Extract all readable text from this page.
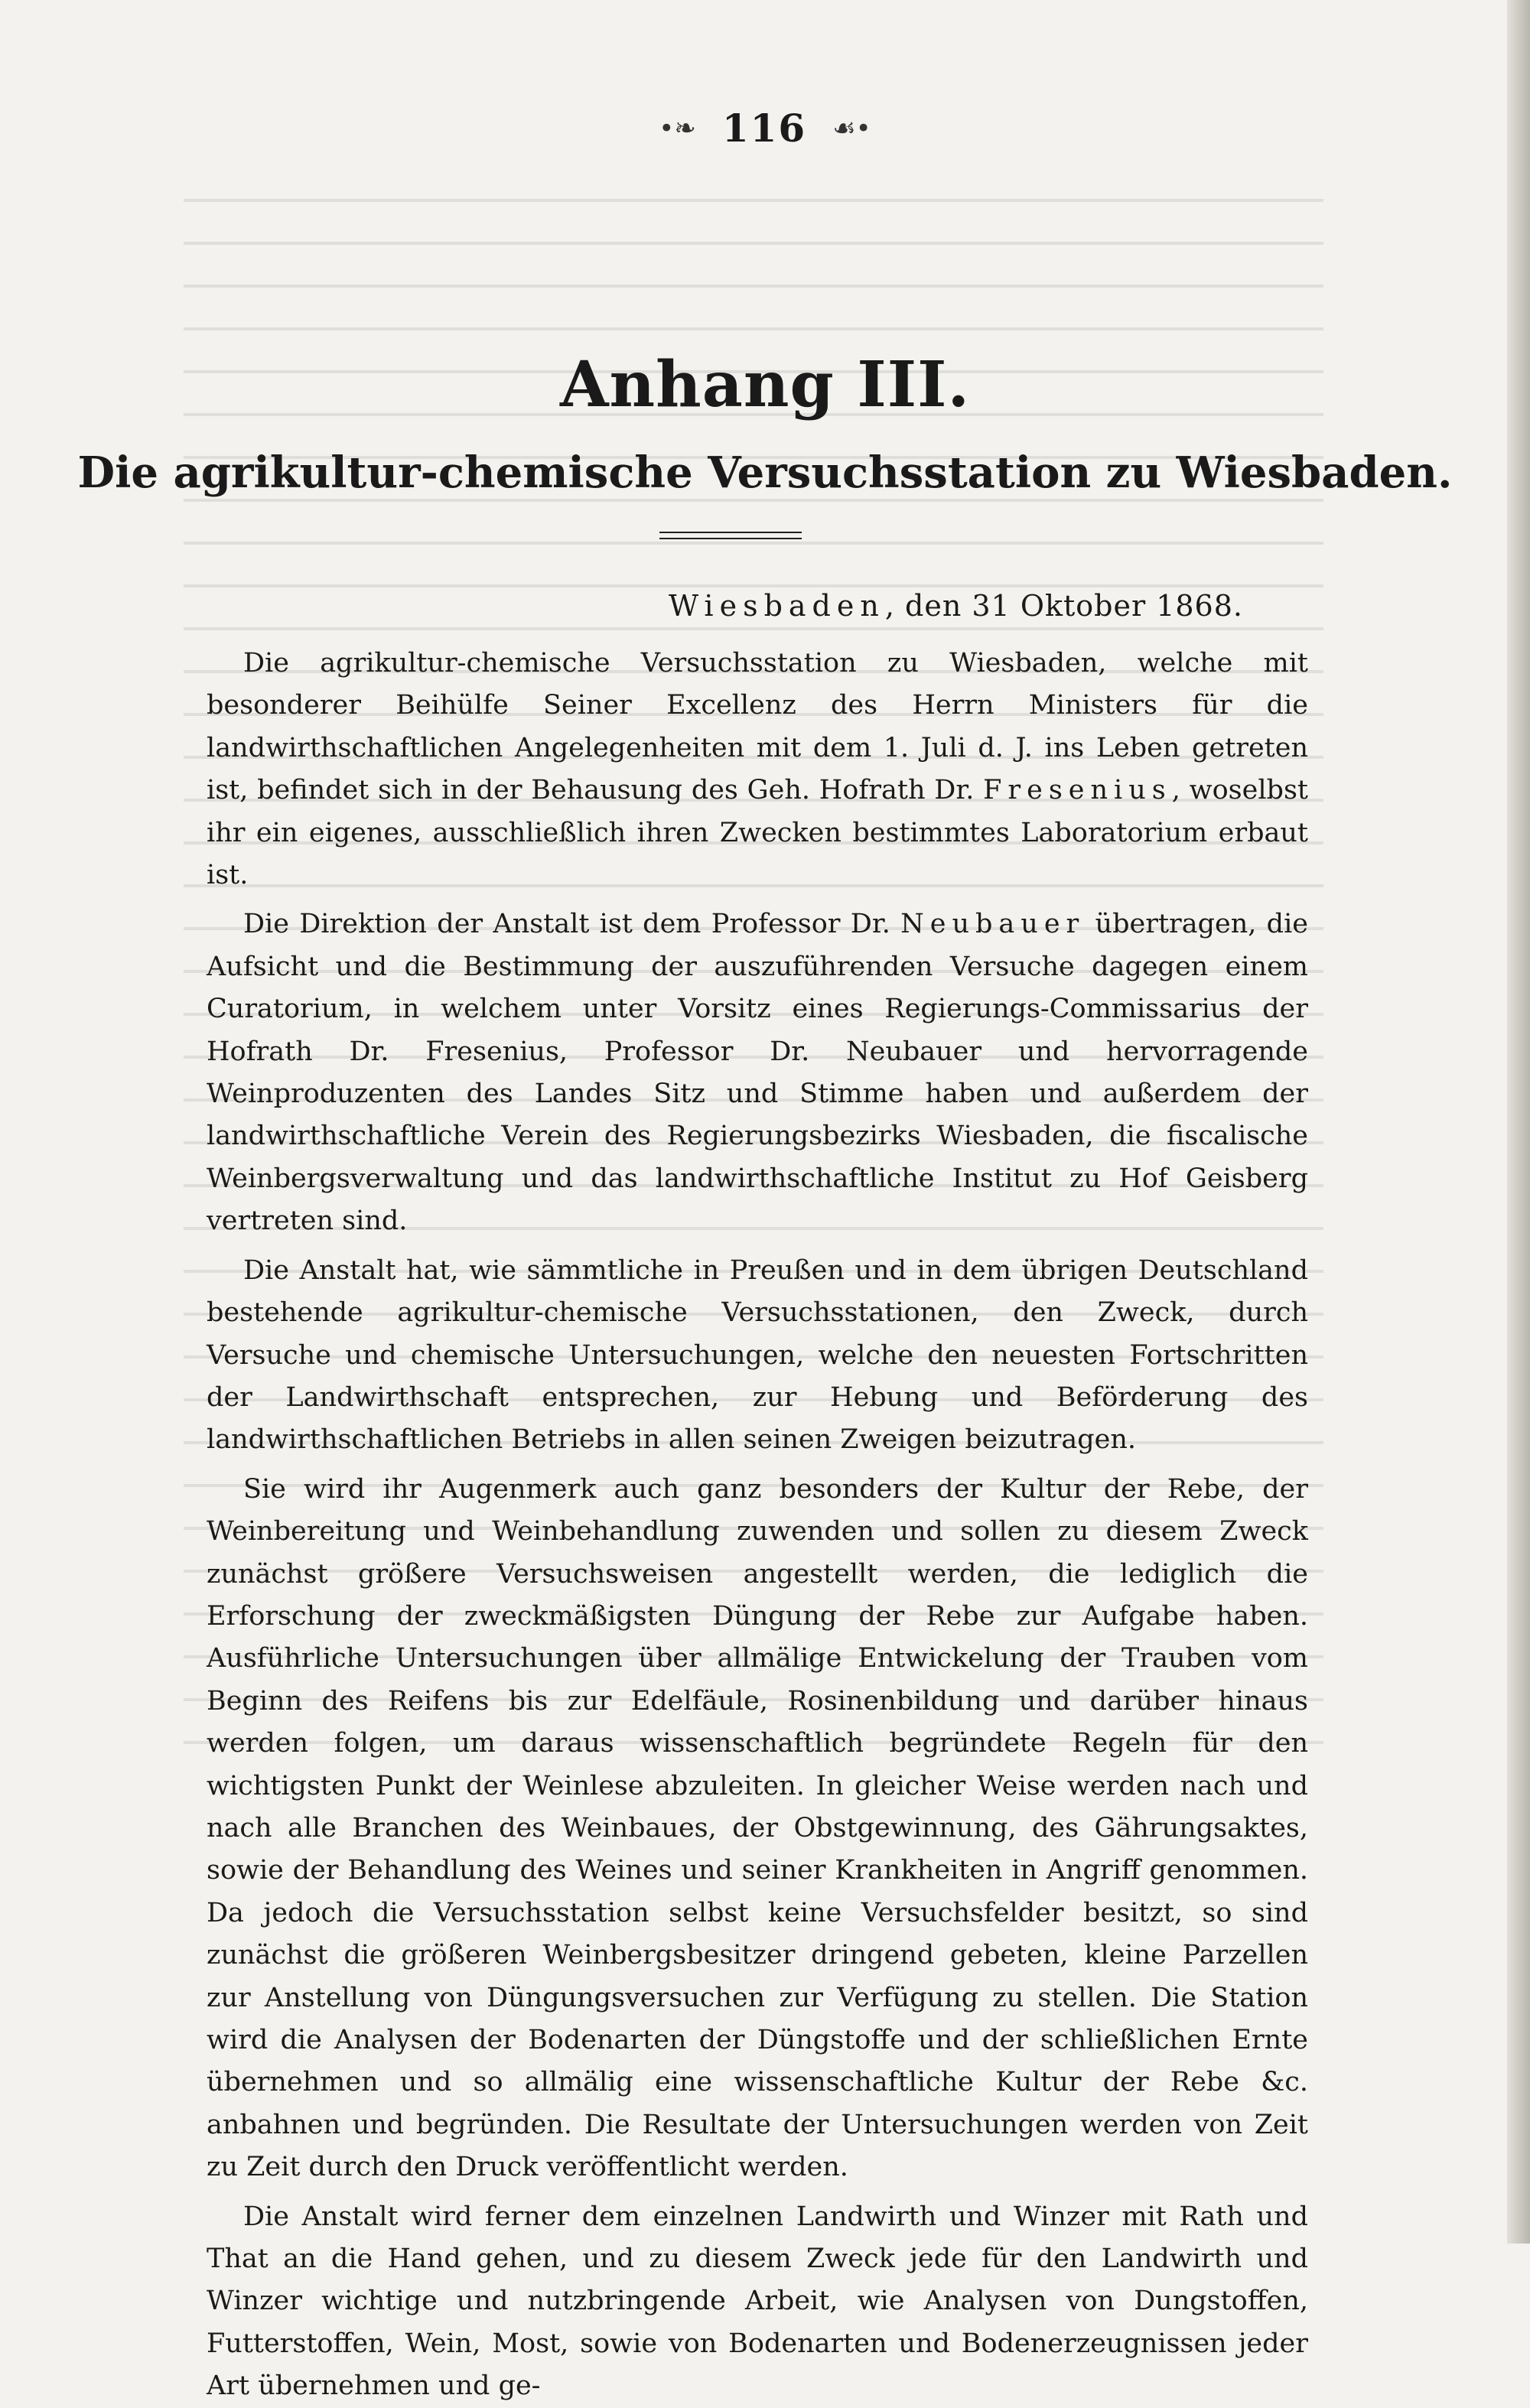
•❧ 116 ☙•
Anhang III.
Die agrikultur-chemische Versuchsstation zu Wiesbaden.
Wiesbaden, den 31 Oktober 1868.

Die agrikultur-chemische Versuchsstation zu Wiesbaden, welche mit besonderer Beihülfe Seiner Excellenz des Herrn Ministers für die landwirthschaftlichen Angelegenheiten mit dem 1. Juli d. J. ins Leben getreten ist, befindet sich in der Behausung des Geh. Hofrath Dr. Fresenius, woselbst ihr ein eigenes, ausschließlich ihren Zwecken bestimmtes Laboratorium erbaut ist.

Die Direktion der Anstalt ist dem Professor Dr. Neubauer übertragen, die Aufsicht und die Bestimmung der auszuführenden Versuche dagegen einem Curatorium, in welchem unter Vorsitz eines Regierungs-Commissarius der Hofrath Dr. Fresenius, Professor Dr. Neubauer und hervorragende Weinproduzenten des Landes Sitz und Stimme haben und außerdem der landwirthschaftliche Verein des Regierungsbezirks Wiesbaden, die fiscalische Weinbergsverwaltung und das landwirthschaftliche Institut zu Hof Geisberg vertreten sind.

Die Anstalt hat, wie sämmtliche in Preußen und in dem übrigen Deutschland bestehende agrikultur-chemische Versuchsstationen, den Zweck, durch Versuche und chemische Untersuchungen, welche den neuesten Fortschritten der Landwirthschaft entsprechen, zur Hebung und Beförderung des landwirthschaftlichen Betriebs in allen seinen Zweigen beizutragen.

Sie wird ihr Augenmerk auch ganz besonders der Kultur der Rebe, der Weinbereitung und Weinbehandlung zuwenden und sollen zu diesem Zweck zunächst größere Versuchsweisen angestellt werden, die lediglich die Erforschung der zweckmäßigsten Düngung der Rebe zur Aufgabe haben. Ausführliche Untersuchungen über allmälige Entwickelung der Trauben vom Beginn des Reifens bis zur Edelfäule, Rosinenbildung und darüber hinaus werden folgen, um daraus wissenschaftlich begründete Regeln für den wichtigsten Punkt der Weinlese abzuleiten. In gleicher Weise werden nach und nach alle Branchen des Weinbaues, der Obstgewinnung, des Gährungsaktes, sowie der Behandlung des Weines und seiner Krankheiten in Angriff genommen. Da jedoch die Versuchsstation selbst keine Versuchsfelder besitzt, so sind zunächst die größeren Weinbergsbesitzer dringend gebeten, kleine Parzellen zur Anstellung von Düngungsversuchen zur Verfügung zu stellen. Die Station wird die Analysen der Bodenarten der Düngstoffe und der schließlichen Ernte übernehmen und so allmälig eine wissenschaftliche Kultur der Rebe &c. anbahnen und begründen. Die Resultate der Untersuchungen werden von Zeit zu Zeit durch den Druck veröffentlicht werden.

Die Anstalt wird ferner dem einzelnen Landwirth und Winzer mit Rath und That an die Hand gehen, und zu diesem Zweck jede für den Landwirth und Winzer wichtige und nutzbringende Arbeit, wie Analysen von Dungstoffen, Futterstoffen, Wein, Most, sowie von Bodenarten und Bodenerzeugnissen jeder Art übernehmen und ge-
